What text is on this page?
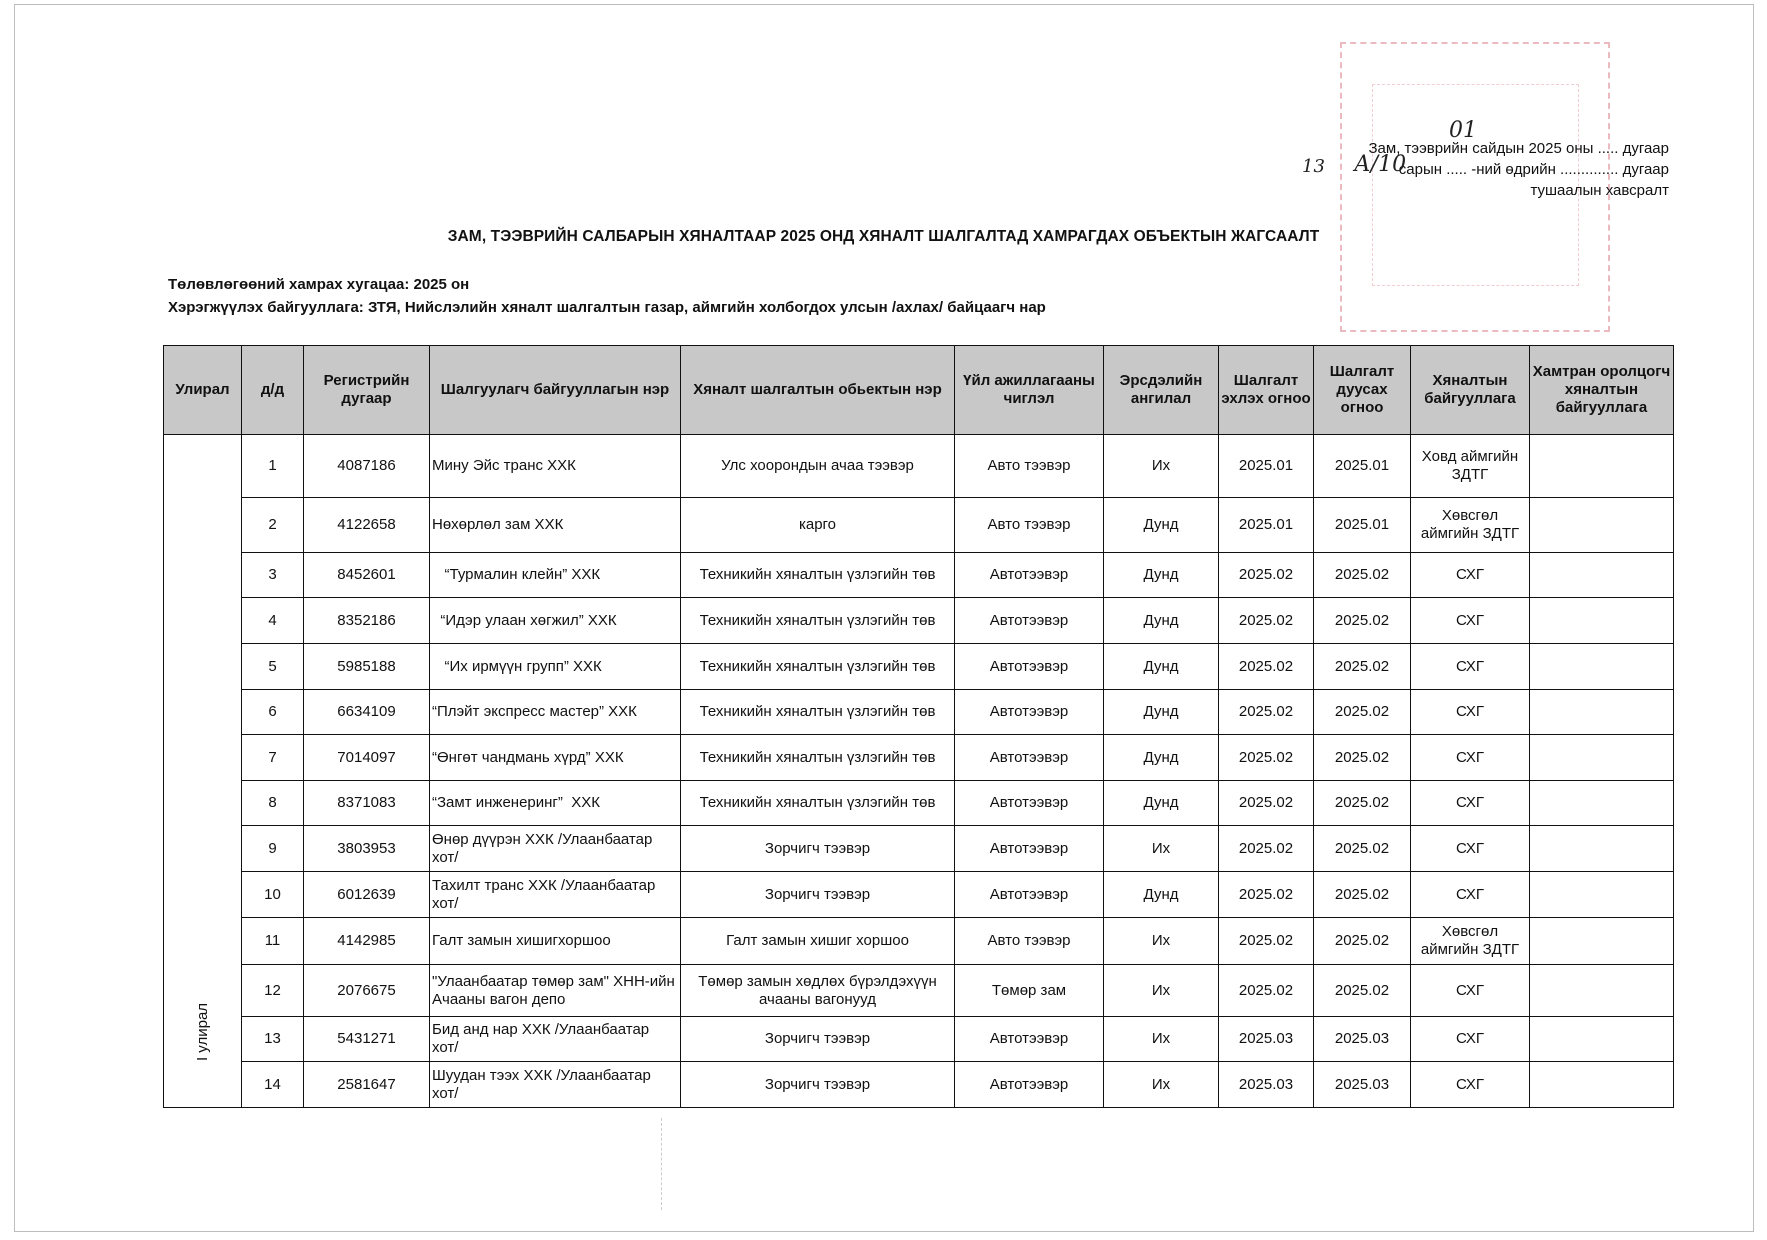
Зам, тээврийн сайдын 2025 оны ..... дугаар
сарын ..... -ний өдрийн .............. дугаар
тушаалын хавсралт
01
13 А/10
ЗАМ, ТЭЭВРИЙН САЛБАРЫН ХЯНАЛТААР 2025 ОНД ХЯНАЛТ ШАЛГАЛТАД ХАМРАГДАХ ОБЪЕКТЫН ЖАГСААЛТ
Төлөвлөгөөний хамрах хугацаа: 2025 он
Хэрэгжүүлэх байгууллага: ЗТЯ, Нийслэлийн хяналт шалгалтын газар, аймгийн холбогдох улсын /ахлах/ байцаагч нар
Улирал	д/д	Регистрийн дугаар	Шалгуулагч байгууллагын нэр	Хяналт шалгалтын обьектын нэр	Үйл ажиллагааны чиглэл	Эрсдэлийн ангилал	Шалгалт эхлэх огноо	Шалгалт дуусах огноо	Хяналтын байгууллага	Хамтран оролцогч хяналтын байгууллага

I улирал	1	4087186	Мину Эйс транс ХХК	Улс хоорондын ачаа тээвэр	Авто тээвэр	Их	2025.01	2025.01	Ховд аймгийн ЗДТГ	
	2	4122658	Нөхөрлөл зам ХХК	карго	Авто тээвэр	Дунд	2025.01	2025.01	Хөвсгөл аймгийн ЗДТГ	
	3	8452601	“Турмалин клейн” ХХК	Техникийн хяналтын үзлэгийн төв	Автотээвэр	Дунд	2025.02	2025.02	СХГ	
	4	8352186	“Идэр улаан хөгжил” ХХК	Техникийн хяналтын үзлэгийн төв	Автотээвэр	Дунд	2025.02	2025.02	СХГ	
	5	5985188	“Их ирмүүн групп” ХХК	Техникийн хяналтын үзлэгийн төв	Автотээвэр	Дунд	2025.02	2025.02	СХГ	
	6	6634109	“Плэйт экспресс мастер” ХХК	Техникийн хяналтын үзлэгийн төв	Автотээвэр	Дунд	2025.02	2025.02	СХГ	
	7	7014097	“Өнгөт чандмань хүрд” ХХК	Техникийн хяналтын үзлэгийн төв	Автотээвэр	Дунд	2025.02	2025.02	СХГ	
	8	8371083	“Замт инженеринг”  ХХК	Техникийн хяналтын үзлэгийн төв	Автотээвэр	Дунд	2025.02	2025.02	СХГ	
	9	3803953	Өнөр дүүрэн ХХК /Улаанбаатар хот/	Зорчигч тээвэр	Автотээвэр	Их	2025.02	2025.02	СХГ	
	10	6012639	Тахилт транс ХХК /Улаанбаатар хот/	Зорчигч тээвэр	Автотээвэр	Дунд	2025.02	2025.02	СХГ	
	11	4142985	Галт замын хишигхоршоо	Галт замын хишиг хоршоо	Авто тээвэр	Их	2025.02	2025.02	Хөвсгөл аймгийн ЗДТГ	
	12	2076675	"Улаанбаатар төмөр зам" ХНН-ийн Ачааны вагон депо	Төмөр замын хөдлөх бүрэлдэхүүн ачааны вагонууд	Төмөр зам	Их	2025.02	2025.02	СХГ	
	13	5431271	Бид анд нар ХХК /Улаанбаатар хот/	Зорчигч тээвэр	Автотээвэр	Их	2025.03	2025.03	СХГ	
	14	2581647	Шуудан тээх ХХК /Улаанбаатар хот/	Зорчигч тээвэр	Автотээвэр	Их	2025.03	2025.03	СХГ	
